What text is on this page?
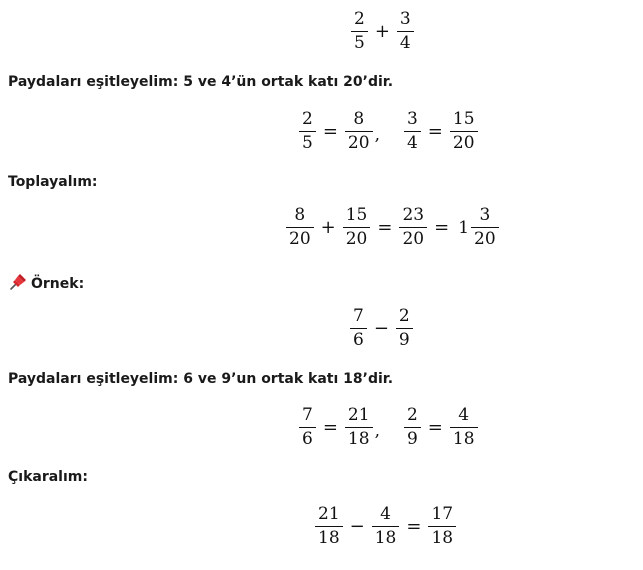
$\frac{2}{5} + \frac{3}{4}$
Paydaları eşitleyelim: 5 ve 4’ün ortak katı 20’dir.
$\frac{2}{5} = \frac{8}{20}$ , $\frac{3}{4} = \frac{15}{20}$
Toplayalım:
$\frac{8}{20} + \frac{15}{20} = \frac{23}{20} = 1 \frac{3}{20}$
Örnek:
$\frac{7}{6} - \frac{2}{9}$
Paydaları eşitleyelim: 6 ve 9’un ortak katı 18’dir.
$\frac{7}{6} = \frac{21}{18}$ , $\frac{2}{9} = \frac{4}{18}$
Çıkaralım:
$\frac{21}{18} - \frac{4}{18} = \frac{17}{18}$
